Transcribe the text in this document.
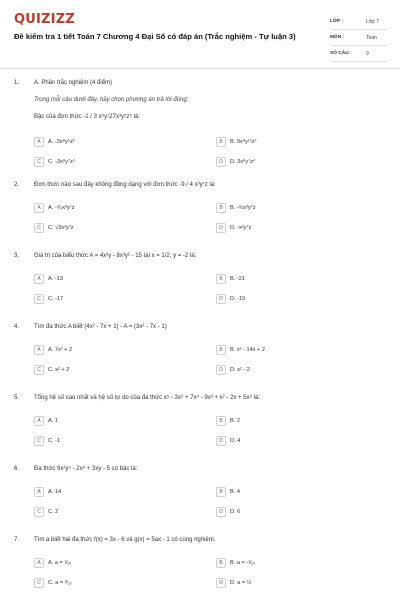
QUIZIZZ
Đề kiểm tra 1 tiết Toán 7 Chương 4 Đại Số có đáp án (Trắc nghiệm - Tự luận 3)
LỚP :	Lớp 7
MÔN :	Toán
SỐ CÂU :	9
1. A. Phần trắc nghiệm (4 điểm)
Trong mỗi câu dưới đây, hãy chọn phương án trả lời đúng:
Bậc của đơn thức -1 / 3 x⁵y⁷27x³y⁵z⁵ là:
A	A. -3x⁸y⁵z⁵	B	B. 9x⁸y¹²z⁵
C	C. -3x⁸y⁷z³	D	D. 3x⁸y⁷z⁴
2. Đơn thức nào sau đây không đồng dạng với đơn thức -9 / 4 x³y⁷z là:
A	A. -⁴⁄₉x³y⁷z	B	B. -⅔x³y⁷z
C	C. √3x³y⁷z	D	D. -x³y⁷z
3. Giá trị của biểu thức A = 4x²y - 8x³y² - 15 tại x = 1/2, y = -2 là:
A	A. -13	B	B. -21
C	C. -17	D	D. -15
4. Tìm đa thức A biết (4x² - 7x + 1) - A = (3x² - 7x - 1)
A	A. 7x² + 2	B	B. x² - 14x + 2
C	C. x² + 2	D	D. x² - 2
5. Tổng hệ số cao nhất và hệ số tự do của đa thức x⁵ - 3x⁶ + 7x⁴ - 9x³ + x² - 2x + 5x⁶ là:
A	A. 1	B	B. 2
C	C. -1	D	D. 4
6. Đa thức 9x²y⁴ - 2x⁸ + 3xy - 5 có bậc là:
A	A. 14	B	B. 4
C	C. 2	D	D. 6
7. Tìm a biết hai đa thức f(x) = 3x - 6 và g(x) = 5ax - 1 có cùng nghiệm.
A	A. a = ¹⁄₁₀	B	B. a = -¹⁄₁₀
C	C. a = ³⁄₁₀	D	D. a = ½
